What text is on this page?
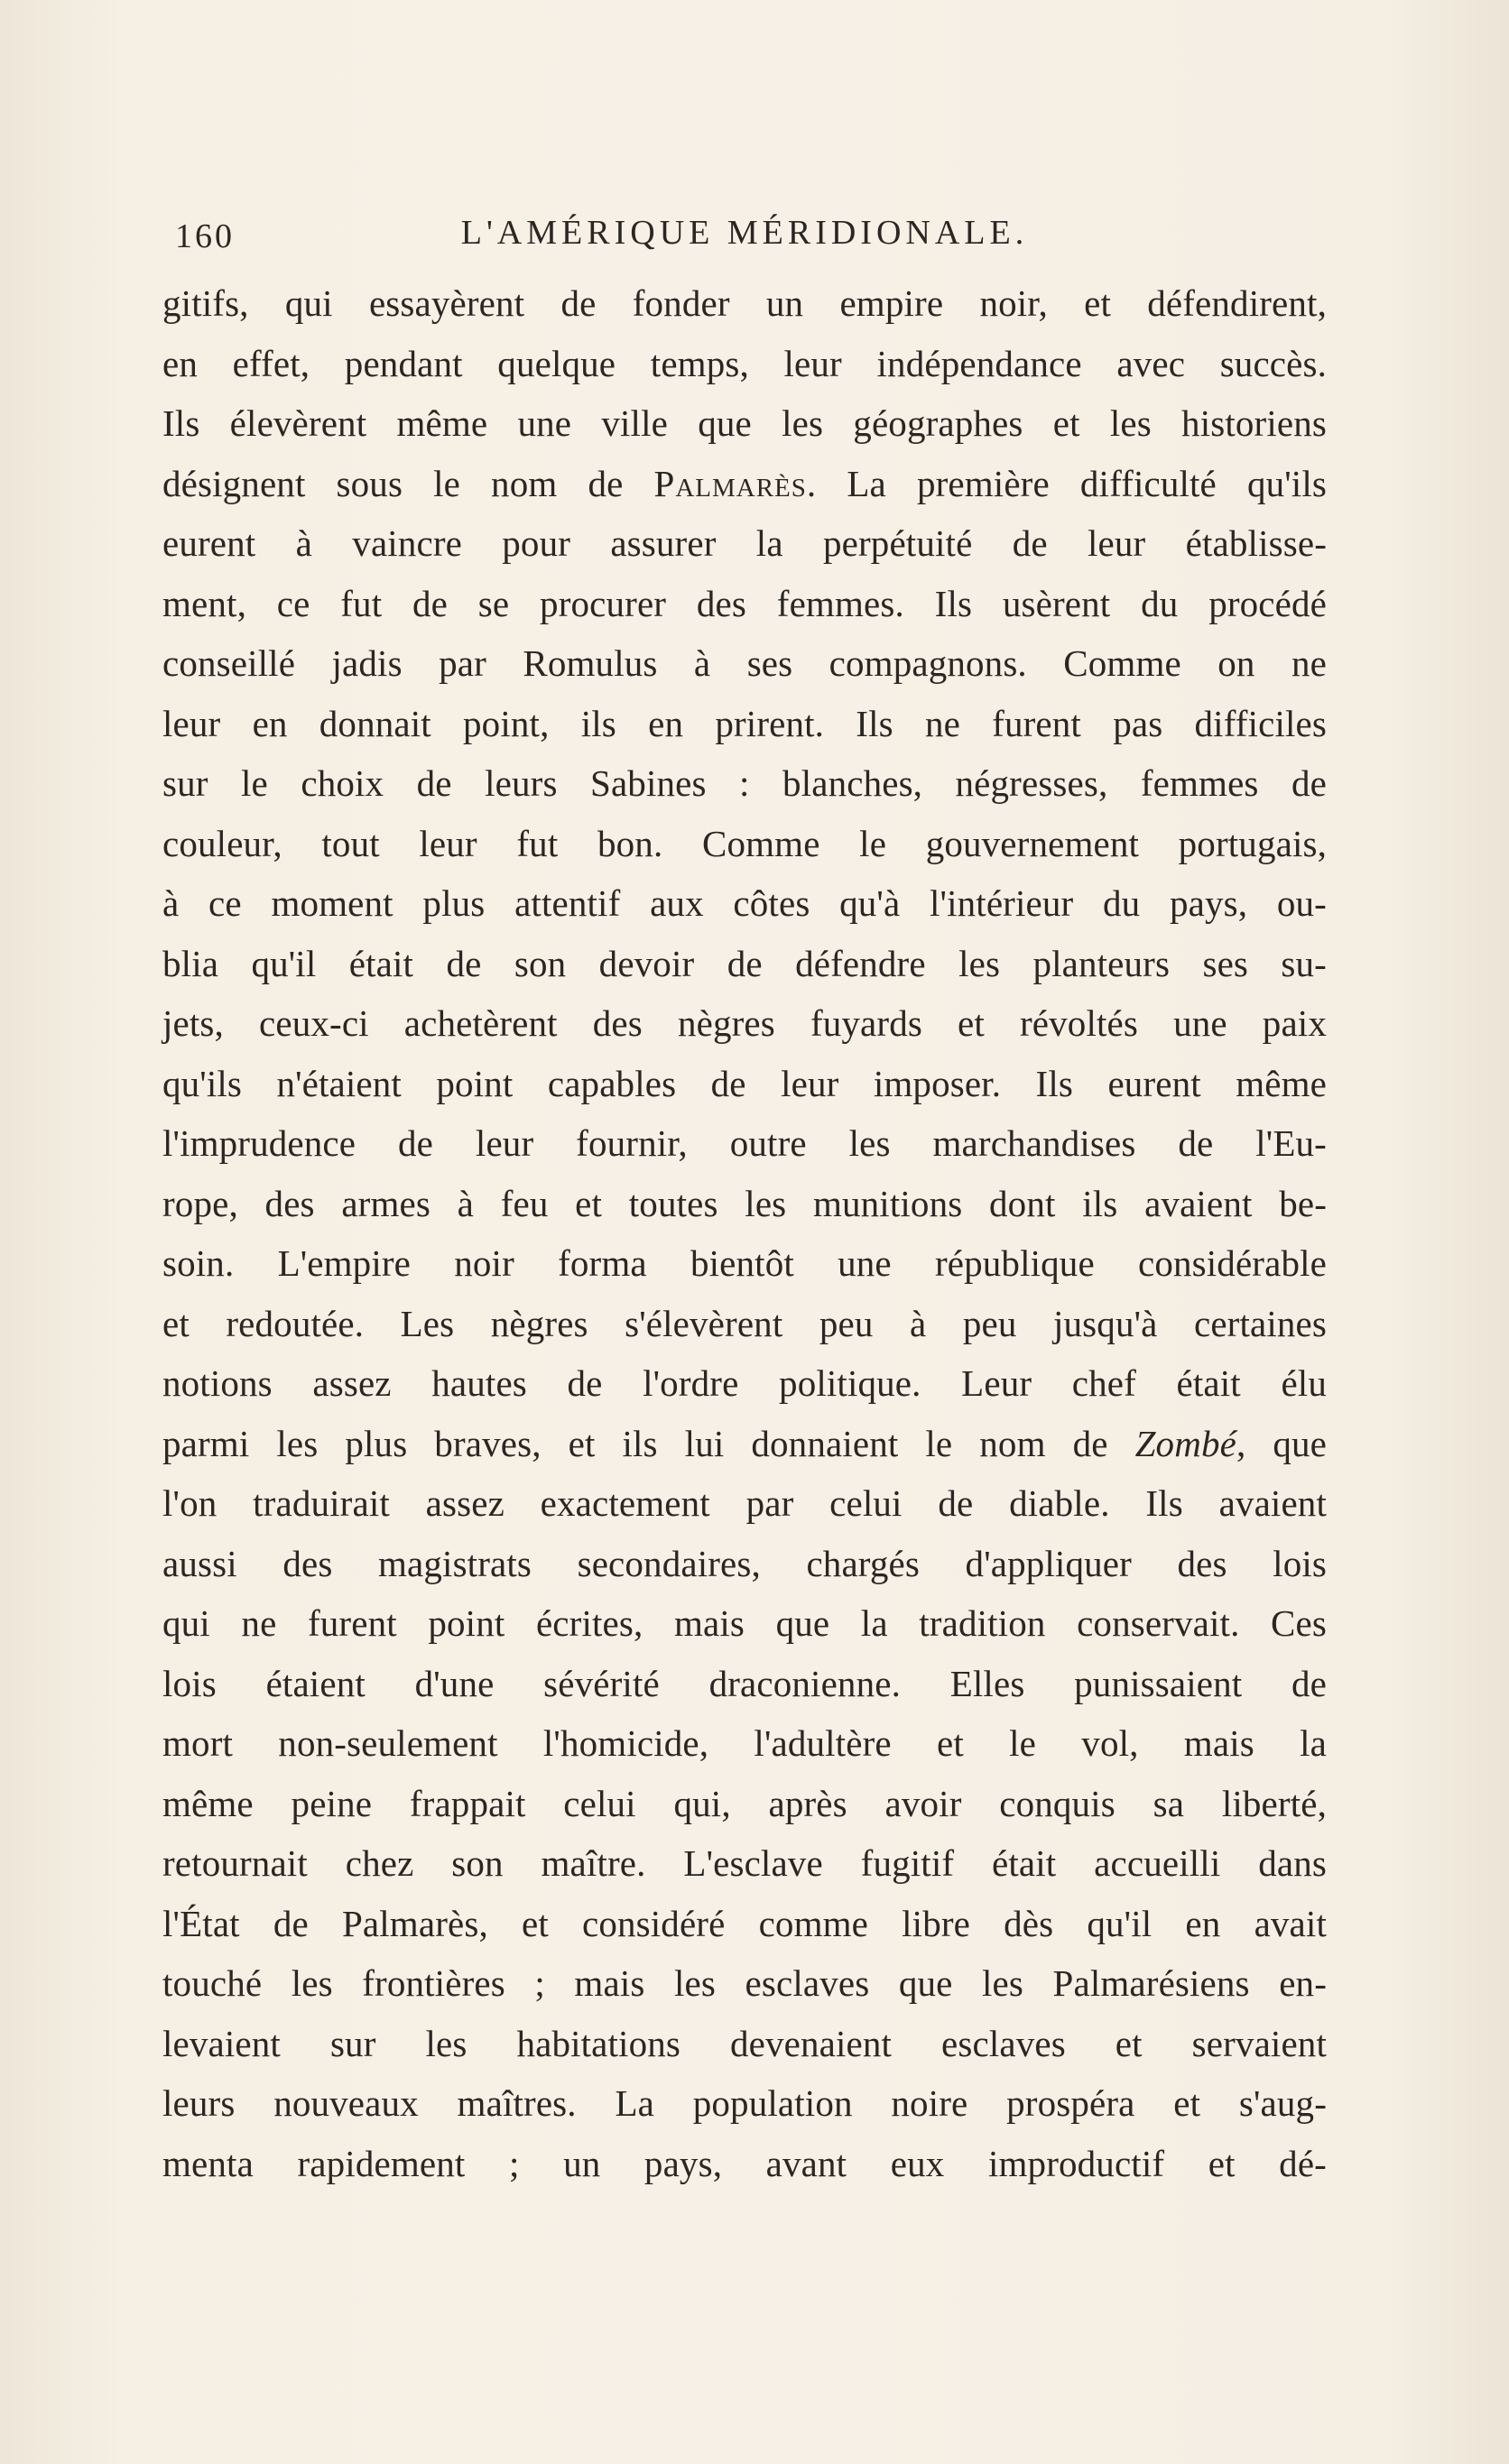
160	L'AMÉRIQUE MÉRIDIONALE.
gitifs, qui essayèrent de fonder un empire noir, et défendirent,
en effet, pendant quelque temps, leur indépendance avec succès.
Ils élevèrent même une ville que les géographes et les historiens
désignent sous le nom de Palmarès. La première difficulté qu'ils
eurent à vaincre pour assurer la perpétuité de leur établisse-
ment, ce fut de se procurer des femmes. Ils usèrent du procédé
conseillé jadis par Romulus à ses compagnons. Comme on ne
leur en donnait point, ils en prirent. Ils ne furent pas difficiles
sur le choix de leurs Sabines : blanches, négresses, femmes de
couleur, tout leur fut bon. Comme le gouvernement portugais,
à ce moment plus attentif aux côtes qu'à l'intérieur du pays, ou-
blia qu'il était de son devoir de défendre les planteurs ses su-
jets, ceux-ci achetèrent des nègres fuyards et révoltés une paix
qu'ils n'étaient point capables de leur imposer. Ils eurent même
l'imprudence de leur fournir, outre les marchandises de l'Eu-
rope, des armes à feu et toutes les munitions dont ils avaient be-
soin. L'empire noir forma bientôt une république considérable
et redoutée. Les nègres s'élevèrent peu à peu jusqu'à certaines
notions assez hautes de l'ordre politique. Leur chef était élu
parmi les plus braves, et ils lui donnaient le nom de Zombé, que
l'on traduirait assez exactement par celui de diable. Ils avaient
aussi des magistrats secondaires, chargés d'appliquer des lois
qui ne furent point écrites, mais que la tradition conservait. Ces
lois étaient d'une sévérité draconienne. Elles punissaient de
mort non-seulement l'homicide, l'adultère et le vol, mais la
même peine frappait celui qui, après avoir conquis sa liberté,
retournait chez son maître. L'esclave fugitif était accueilli dans
l'État de Palmarès, et considéré comme libre dès qu'il en avait
touché les frontières ; mais les esclaves que les Palmarésiens en-
levaient sur les habitations devenaient esclaves et servaient
leurs nouveaux maîtres. La population noire prospéra et s'aug-
menta rapidement ; un pays, avant eux improductif et dé-
